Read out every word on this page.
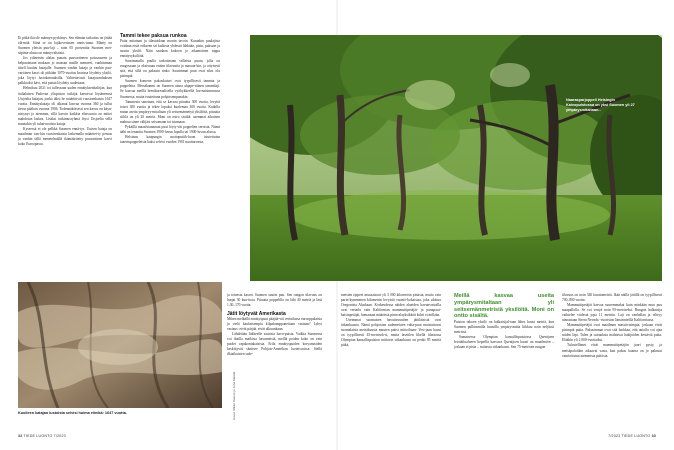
Ei pitkä ikä ole männyn pyrkimys. Sen elämän tarkoitus on jättää elä-mää. Siinä se on lajikovertasen onnis-tunut. Mänty on Suomen yleisin puu-laji – noin 65 prosenttia Suomen met-säpinta-alasta on mäntyvaltaista.

Jos ydinetsän alalaa puuata puuvartineen poissaaseen ja kelpuutetaan mukaan jo maasan maille menneet, vanhimman tittelí kuuluu katajalle. Suomen vanhin kataja ja vanhin puuvarttinen kasvi oli pitkään 1070-vuotias Inarissa löydetty yksilö, joka löytyi lustokairauksilla. Valitettavasti katajavanhuksen palkkioksi kävi, että puista löydetty uudestaan.

Helmikuu 2021 toi tullessaan uuden ennätyksenhaltijan, kun italialaisen Padovan yliopiston tutkijat kertoivat löytäneensä Utsjoelta katajan, jonka iäksi he määrittivät vuosirenkaista 1647 vuotta. Ennätyskataja oli alkanut kasvaa vuonna 360 ja tullut tietoa pääluin vuonna 1906. Todennäköisesti sen kasvu on käynnistynyt jo aiemmin, sillä kasvin kaikkia elinvuosia on mittei mahdoton laskea. Lisäksi tutkimusryhmä löysi Utsjoelta sellä muutakin yli tuhatvuotista kataja.

Kyseessä ei ole pelkkä Suomen ennä-tys. Uuisen kataja on maailman van-hin vuosirenkaista laskemalla määritet-ty pensas ja vanhin tällä menetelmällä ikämääritetty puuvartinen kasvi koko Euroopassa.

Tammi tekee paksua runkoa

Puita mitataan ja tilastoidaan monin tavoin. Kuntakin puulajista voidaan etsiä erikseen tai kaikista yhdessä lähkään, pisin, paksuin ja suurin yksilö. Näin saadaan kokoon jo aikamoinen nippu ennätysyksilöitä.

Suurimmalla puulla tarkoitetaan sellaista puuta, jolla on rungossaan ja oksissaan eniten tilavuutta ja massaa-kin, ja ottyisesti sitä, että sillä on paksuin rinko. Suurimmat puut ovat siksi olu pisimpiä.

Suomen komeon pakoukaiset ovat tyypillisesti tammia ja poppeleita. Metsäkanmi on Suomen ainoa ahjape-räinen tammilaji. Se kasvaa meillä hemiboreaalisella vyöhykkeellä lou-naisimmassa Suomessa, mutta istutettuna pohjoisempanakin.

Tammesta sanotaan, että se kasvaa pituutta 300 vuotta, levyttä toiset 300 vuotta ja tekee lopuksi kuolemaa 300 vuotta. Kaikilla muun aseita ympäryy-mitaltaan yli seitsemännetyä yksilöitä, pituutta siililä on yli 20 metriä. Moni on ostro sisältä: usemmat aikuinen mahtua sinne välijäsi seisomaan tai istumaan.

Pykäillä maaalviaannuat puut löyty-vät poppelien seroista. Nämä ääht on tenantta Suomen 1900-luvun lopulla tai 1900-luvun alussa.

Helsinan kaupungin mottapuitik-koon istutettuina tuaerinpoppeleista kaksi selvisi vuoden 1901 nuutturvasta,

Kuolleen katajan lustoista selvisi huima elinikä: 1647 vuotta.
Naarasparjoppeli Helsingin Kaivopuistossa on yksi Suomen yli 27 ympärysmitaltaan...
Kuvat: Mikko Kaarne ja Juha Määttä

ja toinesta kasvoi Suomen suurin puu. Sen rungon tilavuus on hurjat 30 kuu-tiota. Pituutta poppelilla on lähi 40 metriä ja läsä 1,30–170 vuotta.

Jätit löytyvät Amerikasta

Mihen melkällä ennätyspuut pääjää-vät vertailussa eurooppalaisia ja vielä kaukaisempia kilpakumppaneitaan vastaan? Lyhyt vastaus: eivät pärjää, eivät alkuunkaan.

Lähdetään liikkeelle suurista havu-puista. Vaikka Suomessa voi iltailla maikista havumetsiä, meillä poiden koko on vain puolet rapakontakaisista. Erila ennätyspuiden koryanusiden keskittyvät sänitsee Pohjois-Amerikan luoteisosissa. Siellä ilkiaikaisten sade-

metsien rippeet muusatavat yli 3 000 kilometrin pituista, mutta vain parin-kymmenen kilometrin levyistä vuoniö-kokaistaa, joka ulottuu Oregonista Alaskaan. Korkeudessa näiden alueiden havunvattoilla ovat vertailu vain Kalifornian mammuttipetäjät- ja punapuutkaisinpetäjät, homaasan määrässä pinta-alayksikköä kohti ei millään.

Useimmat suomaisen havutiavuntien jättiläisistä ovat tiikankuusia. Nämä pohjoisten sademetsien valta-puut muistuttavat suomalaista metsäkuusta muuten paitsi mittoiltaan: Vesi-jaan kuusi on tyypillisesti 45-metrisek-si, mutta lasetilen likellä tilastossa Olympian kansallispuiston mittavin sitkankuusi on peräti 95 metriä pitkä,

Meillä kasvaa useita ympärysmitaltaan yli seitsemänmetrisiä yksilöitä. Moni on ontto sisältä.

Puiston rakoen yksilö on halkaisijal-taan lähes kuusi metriä, kun Suomen pulkimmilla kuusilla ympärysmitta liikkuu noin neljässä metrissä.

Samaisessa Olympian kansallispuistossa Quentjoen leiritäilualueen liepeillä kasvava Quentjoen kuusi on maailmiön – joskaan ei pisin – mittaviа sitkankuusi. Sen 75-metrisen rungon

tilavuus on noin 340 kuutiometriä. Ikää näillä jättillä on tyypillisesti 700–800 vuotta.

Mammuttipetäjät kasvaa suuremmakai kuin minkään muu puu maapallolla. Se voi venyä noin 95-metriseksi. Rungon halkaisija vaihtelee viidestä jopa 11 metriin. Laji on vanhellaa ja vilttyy ainoastaan Sierra Nevada -vuoriston länsirinteillä Kaliforniassa.

Mammuttipetäjät ovat maailman massiivisimpia, joskaan eivät pisimpiä puita. Pakusimmat ovat sitä luokkaa, että autolla voi ajaa niiden läpi. Tulen ja sairauksia mahtuvat hakijoiden kestäviä puita. Elääkin yli 2 000-vuotiaiksi.

Tulostellimet eivät mammuttipetäjiin juuri pysty, ja metsäpaloitkin aikaavat vasta, kun pakou kaarna on jo paksuut vaurioitunut aiemmista paloista.

32 TIEDE LUONTO 7/2023	7/2023 TIEDE LUONTO 33
